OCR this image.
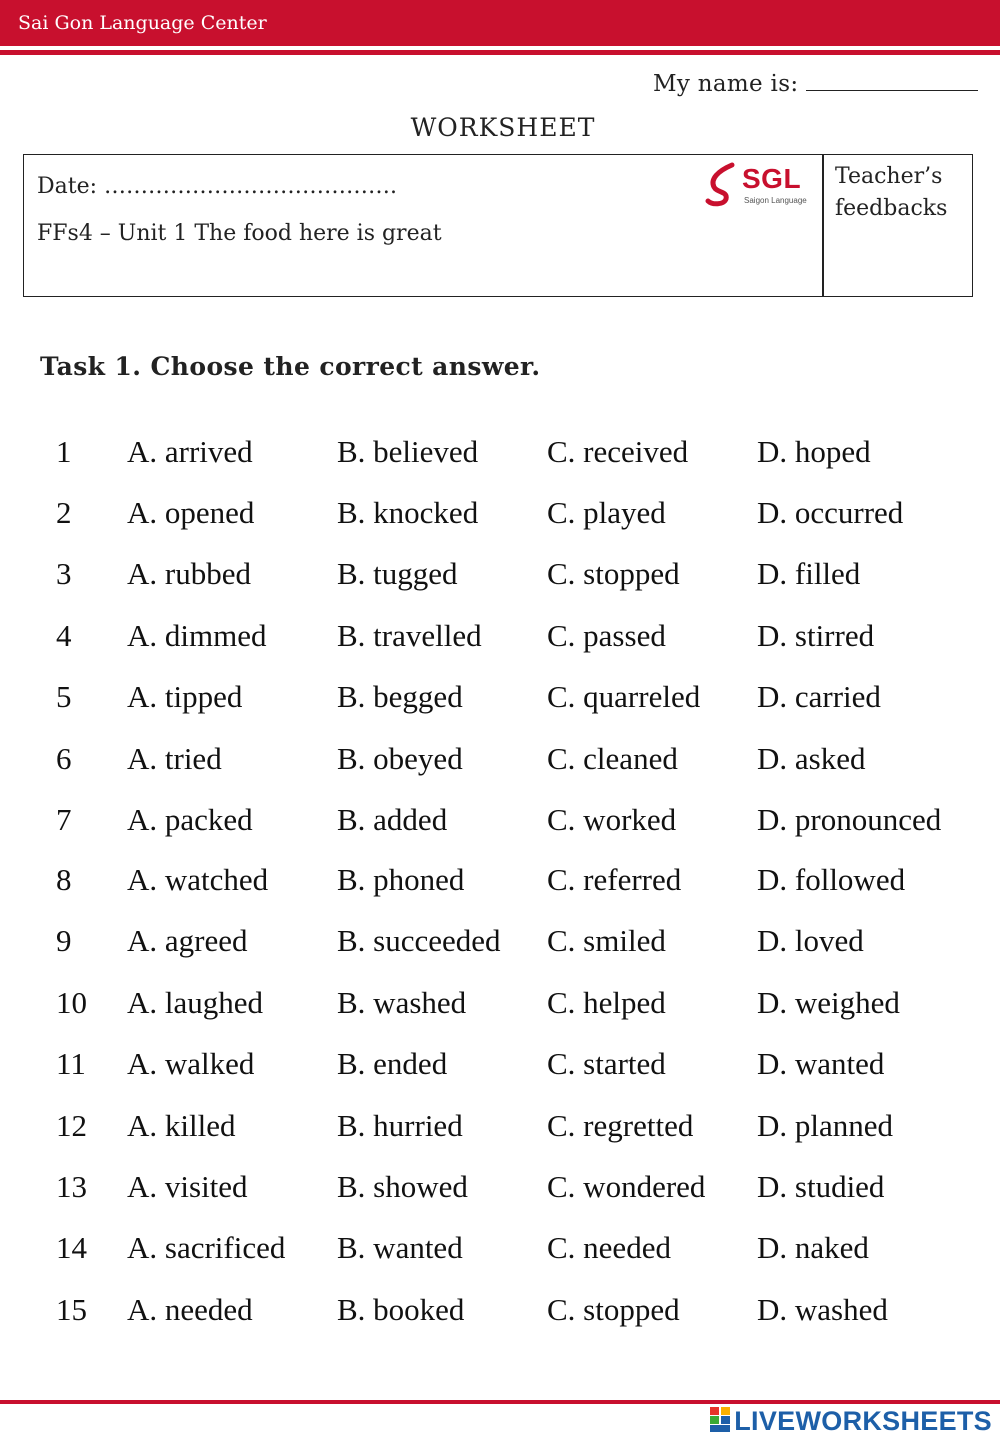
Sai Gon Language Center
My name is:
WORKSHEET
Date: ………………………………….
FFs4 – Unit 1 The food here is great
SGL
Saigon Language
Teacher’s feedbacks
Task 1. Choose the correct answer.
1 A. arrived	B. believed C. received D. hoped
2 A. opened	B. knocked C. played	D. occurred
3 A. rubbed	B. tugged	C. stopped D. filled
4 A. dimmed B. travelled C. passed	D. stirred
5 A. tipped	B. begged	C. quarreled D. carried
6 A. tried	B. obeyed	C. cleaned	D. asked
7 A. packed	B. added	C. worked	D. pronounced
8 A. watched B. phoned	C. referred D. followed
9 A. agreed	B. succeeded C. smiled	D. loved
10 A. laughed B. washed	C. helped	D. weighed
11 A. walked	B. ended	C. started	D. wanted
12 A. killed	B. hurried	C. regretted D. planned
13 A. visited	B. showed	C. wondered D. studied
14 A. sacrificed B. wanted	C. needed	D. naked
15 A. needed	B. booked	C. stopped D. washed
LIVEWORKSHEETS
